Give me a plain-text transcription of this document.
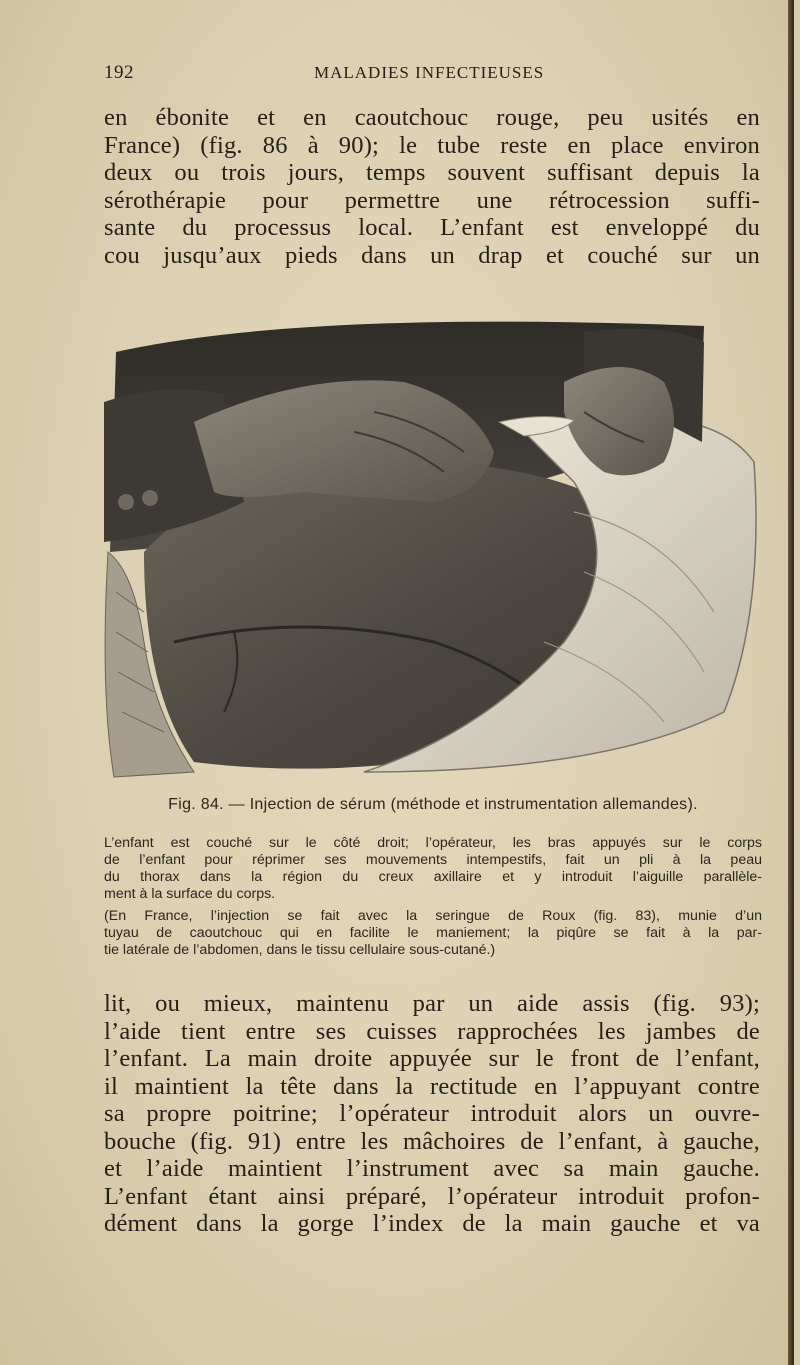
192	MALADIES INFECTIEUSES
en ébonite et en caoutchouc rouge, peu usités en
France) (fig. 86 à 90); le tube reste en place environ
deux ou trois jours, temps souvent suffisant depuis la
sérothérapie pour permettre une rétrocession suffi-
sante du processus local. L’enfant est enveloppé du
cou jusqu’aux pieds dans un drap et couché sur un
Fig. 84. — Injection de sérum (méthode et instrumentation allemandes).
L’enfant est couché sur le côté droit; l’opérateur, les bras appuyés sur le corps
de l’enfant pour réprimer ses mouvements intempestifs, fait un pli à la peau
du thorax dans la région du creux axillaire et y introduit l’aiguille parallèle-
ment à la surface du corps.
(En France, l’injection se fait avec la seringue de Roux (fig. 83), munie d’un
tuyau de caoutchouc qui en facilite le maniement; la piqûre se fait à la par-
tie latérale de l’abdomen, dans le tissu cellulaire sous-cutané.)
lit, ou mieux, maintenu par un aide assis (fig. 93);
l’aide tient entre ses cuisses rapprochées les jambes de
l’enfant. La main droite appuyée sur le front de l’enfant,
il maintient la tête dans la rectitude en l’appuyant contre
sa propre poitrine; l’opérateur introduit alors un ouvre-
bouche (fig. 91) entre les mâchoires de l’enfant, à gauche,
et l’aide maintient l’instrument avec sa main gauche.
L’enfant étant ainsi préparé, l’opérateur introduit profon-
dément dans la gorge l’index de la main gauche et va
